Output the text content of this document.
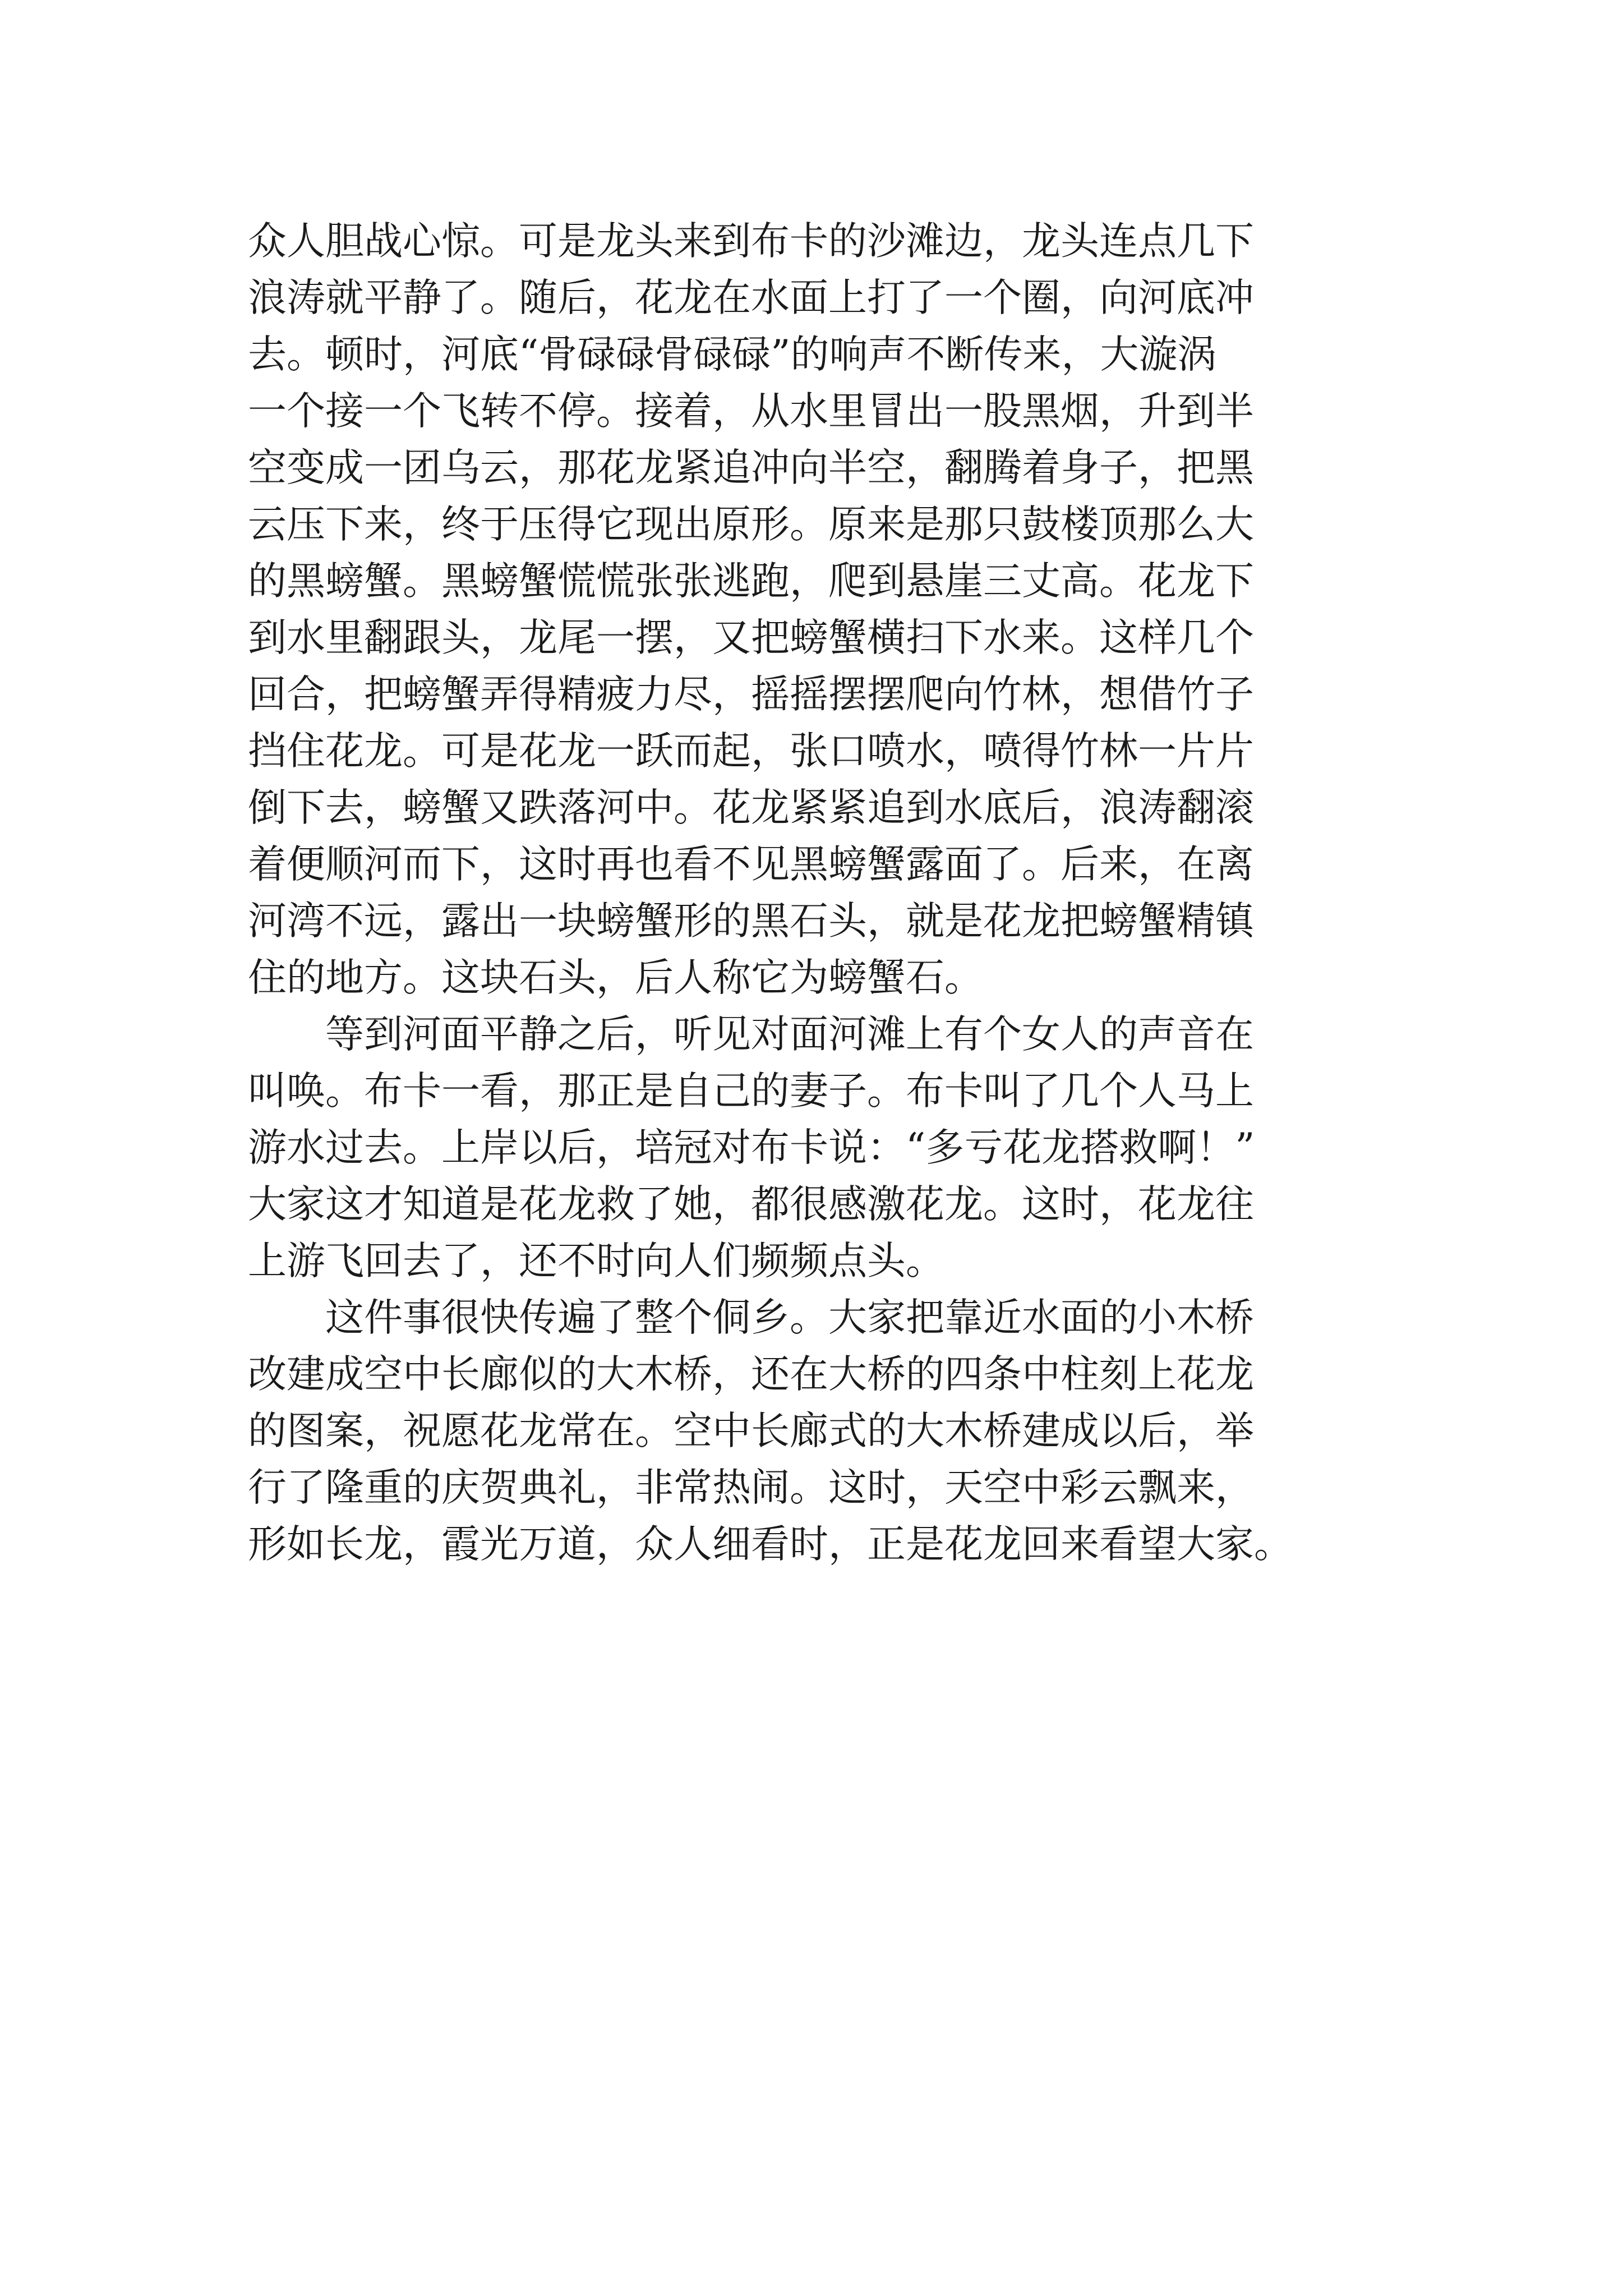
众人胆战心惊。可是龙头来到布卡的沙滩边，龙头连点几下
浪涛就平静了。随后，花龙在水面上打了一个圈，向河底冲
去。顿时，河底“骨碌碌骨碌碌”的响声不断传来，大漩涡
一个接一个飞转不停。接着，从水里冒出一股黑烟，升到半
空变成一团乌云，那花龙紧追冲向半空，翻腾着身子，把黑
云压下来，终于压得它现出原形。原来是那只鼓楼顶那么大
的黑螃蟹。黑螃蟹慌慌张张逃跑，爬到悬崖三丈高。花龙下
到水里翻跟头，龙尾一摆，又把螃蟹横扫下水来。这样几个
回合，把螃蟹弄得精疲力尽，摇摇摆摆爬向竹林，想借竹子
挡住花龙。可是花龙一跃而起，张口喷水，喷得竹林一片片
倒下去，螃蟹又跌落河中。花龙紧紧追到水底后，浪涛翻滚
着便顺河而下，这时再也看不见黑螃蟹露面了。后来，在离
河湾不远，露出一块螃蟹形的黑石头，就是花龙把螃蟹精镇
住的地方。这块石头，后人称它为螃蟹石。
　　等到河面平静之后，听见对面河滩上有个女人的声音在
叫唤。布卡一看，那正是自己的妻子。布卡叫了几个人马上
游水过去。上岸以后，培冠对布卡说：“多亏花龙搭救啊！”
大家这才知道是花龙救了她，都很感激花龙。这时，花龙往
上游飞回去了，还不时向人们频频点头。
　　这件事很快传遍了整个侗乡。大家把靠近水面的小木桥
改建成空中长廊似的大木桥，还在大桥的四条中柱刻上花龙
的图案，祝愿花龙常在。空中长廊式的大木桥建成以后，举
行了隆重的庆贺典礼，非常热闹。这时，天空中彩云飘来，
形如长龙，霞光万道，众人细看时，正是花龙回来看望大家。
